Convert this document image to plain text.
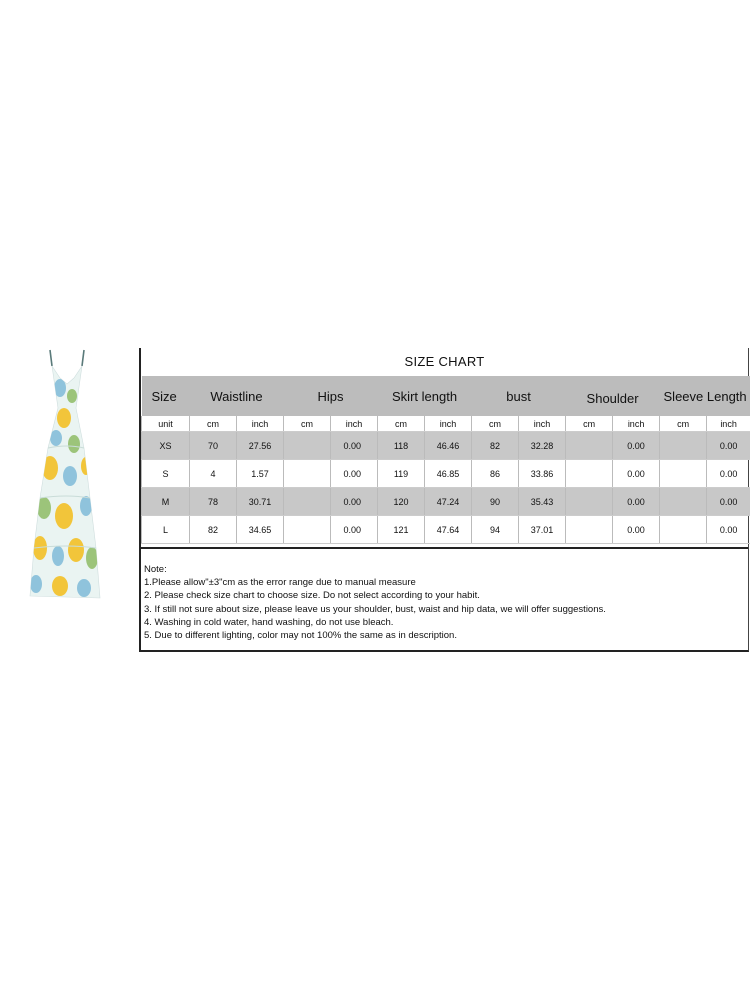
SIZE CHART
Size	Waistline		Hips		Skirt length		bust		Shoulder		Sleeve Length	
unit	cm	inch	cm	inch	cm	inch	cm	inch	cm	inch	cm	inch
XS	70	27.56		0.00	118	46.46	82	32.28		0.00		0.00
S	4	1.57		0.00	119	46.85	86	33.86		0.00		0.00
M	78	30.71		0.00	120	47.24	90	35.43		0.00		0.00
L	82	34.65		0.00	121	47.64	94	37.01		0.00		0.00
Note:
1.Please allow"±3"cm as the error range due to manual measure
2. Please check size chart to choose size. Do not select according to your habit.
3. If still not sure about size, please leave us your shoulder, bust, waist and hip data, we will offer suggestions.
4. Washing in cold water, hand washing, do not use bleach.
5. Due to different lighting, color may not 100% the same as in description.
